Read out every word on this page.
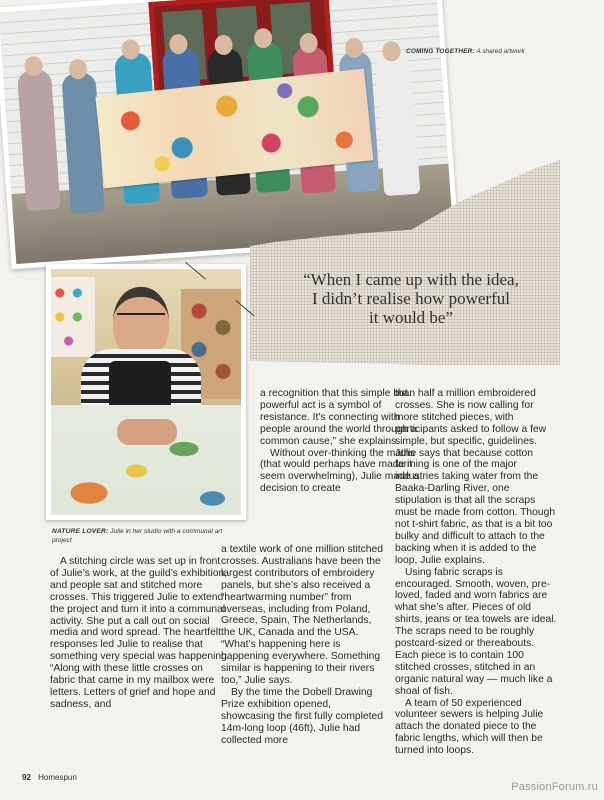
COMING TOGETHER: A shared artwork
“When I came up with the idea,
I didn’t realise how powerful
it would be”
NATURE LOVER: Julie in her studio with a communal art project

A stitching circle was set up in front of Julie’s work, at the guild’s exhibition, and people sat and stitched more crosses. This triggered Julie to extend the project and turn it into a communal activity. She put a call out on social media and word spread. The heartfelt responses led Julie to realise that something very special was happening. “Along with these little crosses on fabric that came in my mailbox were letters. Letters of grief and hope and sadness, and

a recognition that this simple but powerful act is a symbol of resistance. It’s connecting with people around the world through a common cause,” she explains.

Without over-thinking the maths (that would perhaps have made it seem overwhelming), Julie made a decision to create

a textile work of one million stitched crosses. Australians have been the largest contributors of embroidery panels, but she’s also received a “heartwarming number” from overseas, including from Poland, Greece, Spain, The Netherlands, the UK, Canada and the USA. “What’s happening here is happening everywhere. Something similar is happening to their rivers too,” Julie says.

By the time the Dobell Drawing Prize exhibition opened, showcasing the first fully completed 14m-long loop (46ft), Julie had collected more

than half a million embroidered crosses. She is now calling for more stitched pieces, with participants asked to follow a few simple, but specific, guidelines. Julie says that because cotton farming is one of the major industries taking water from the Baaka-Darling River, one stipulation is that all the scraps must be made from cotton. Though not t-shirt fabric, as that is a bit too bulky and difficult to attach to the backing when it is added to the loop, Julie explains.

Using fabric scraps is encouraged. Smooth, woven, pre-loved, faded and worn fabrics are what she’s after. Pieces of old shirts, jeans or tea towels are ideal. The scraps need to be roughly postcard-sized or thereabouts. Each piece is to contain 100 stitched crosses, stitched in an organic natural way — much like a shoal of fish.

A team of 50 experienced volunteer sewers is helping Julie attach the donated piece to the fabric lengths, which will then be turned into loops.

92 Homespun
PassionForum.ru
